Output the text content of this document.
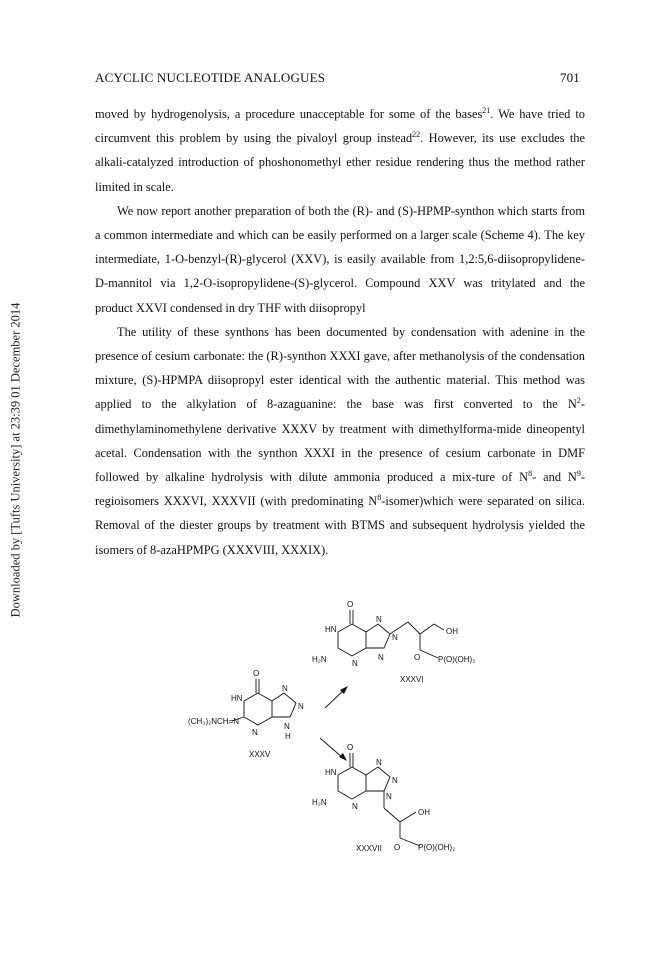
ACYCLIC NUCLEOTIDE ANALOGUES	701
Downloaded by [Tufts University] at 23:39 01 December 2014

moved by hydrogenolysis, a procedure unacceptable for some of the bases$^{21}$. We have tried to circumvent this problem by using the pivaloyl group instead$^{22}$. However, its use excludes the alkali-catalyzed introduction of phoshonomethyl ether residue rendering thus the method rather limited in scale.

We now report another preparation of both the (R)- and (S)-HPMP-synthon which starts from a common intermediate and which can be easily performed on a larger scale (Scheme 4). The key intermediate, 1-O-benzyl-(R)-glycerol (XXV), is easily available from 1,2:5,6-diisopropylidene-D-mannitol via 1,2-O-isopropylidene-(S)-glycerol. Compound XXV was tritylated and the product XXVI condensed in dry THF with diisopropyl

The utility of these synthons has been documented by condensation with adenine in the presence of cesium carbonate: the (R)-synthon XXXI gave, after methanolysis of the condensation mixture, (S)-HPMPA diisopropyl ester identical with the authentic material. This method was applied to the alkylation of 8-azaguanine: the base was first converted to the $N^2$-dimethylaminomethylene derivative XXXV by treatment with dimethylforma-mide dineopentyl acetal. Condensation with the synthon XXXI in the presence of cesium carbonate in DMF followed by alkaline hydrolysis with dilute ammonia produced a mix-ture of $N^8-$ and $N^9$-regioisomers XXXVI, XXXVII (with predominating $N^8-isomer)which$ were separated on silica. Removal of the diester groups by treatment with BTMS and subsequent hydrolysis yielded the isomers of 8-azaHPMPG (XXXVIII, XXXIX).

O
HN
N
N
N
N
H₂N
OH
O P(O)(OH)₂
XXXVI
O
HN
N
N
N
H
N
(CH₃)₂NCH=N
XXXV
O
HN
N
N
N
N
H₂N
OH
O P(O)(OH)₂
XXXVII
